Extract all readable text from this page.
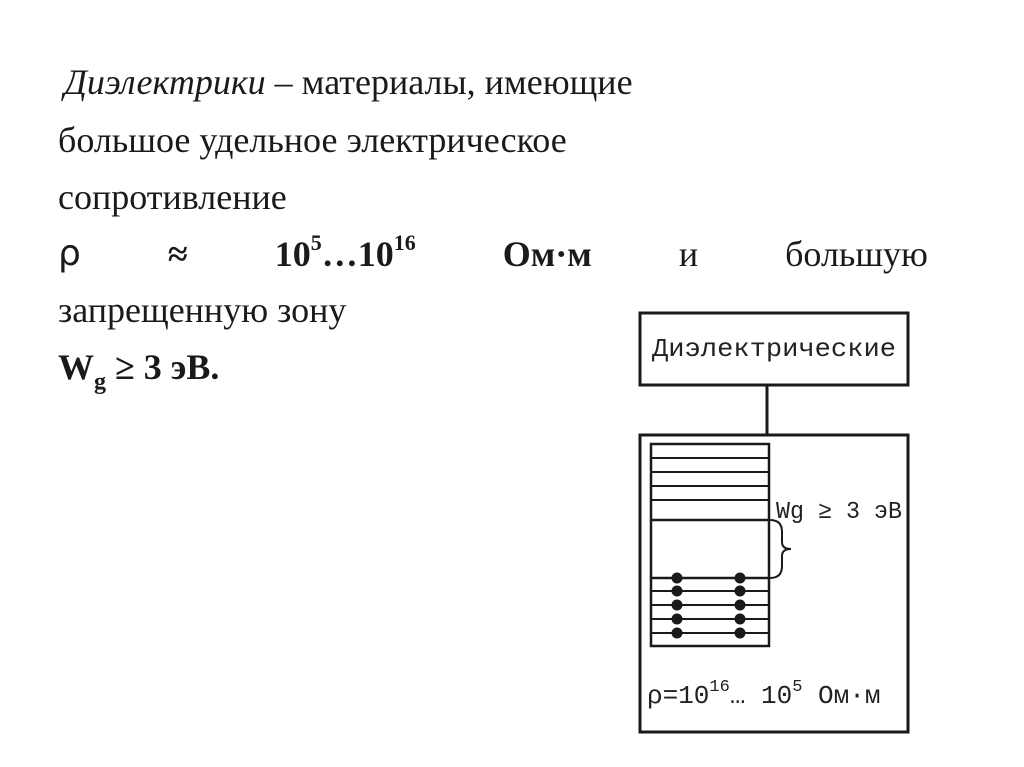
Диэлектрики – материалы, имеющие
большое удельное электрическое
сопротивление
$\rho \approx 10^5\dots 10^{16}$ Ом·м и большую
запрещенную зону
$W_g \ge 3$ эВ.	Диэлектрические
Wg ≥ 3 эВ
$\rho=10^{16}\dots$ $10^5$ Ом·м
